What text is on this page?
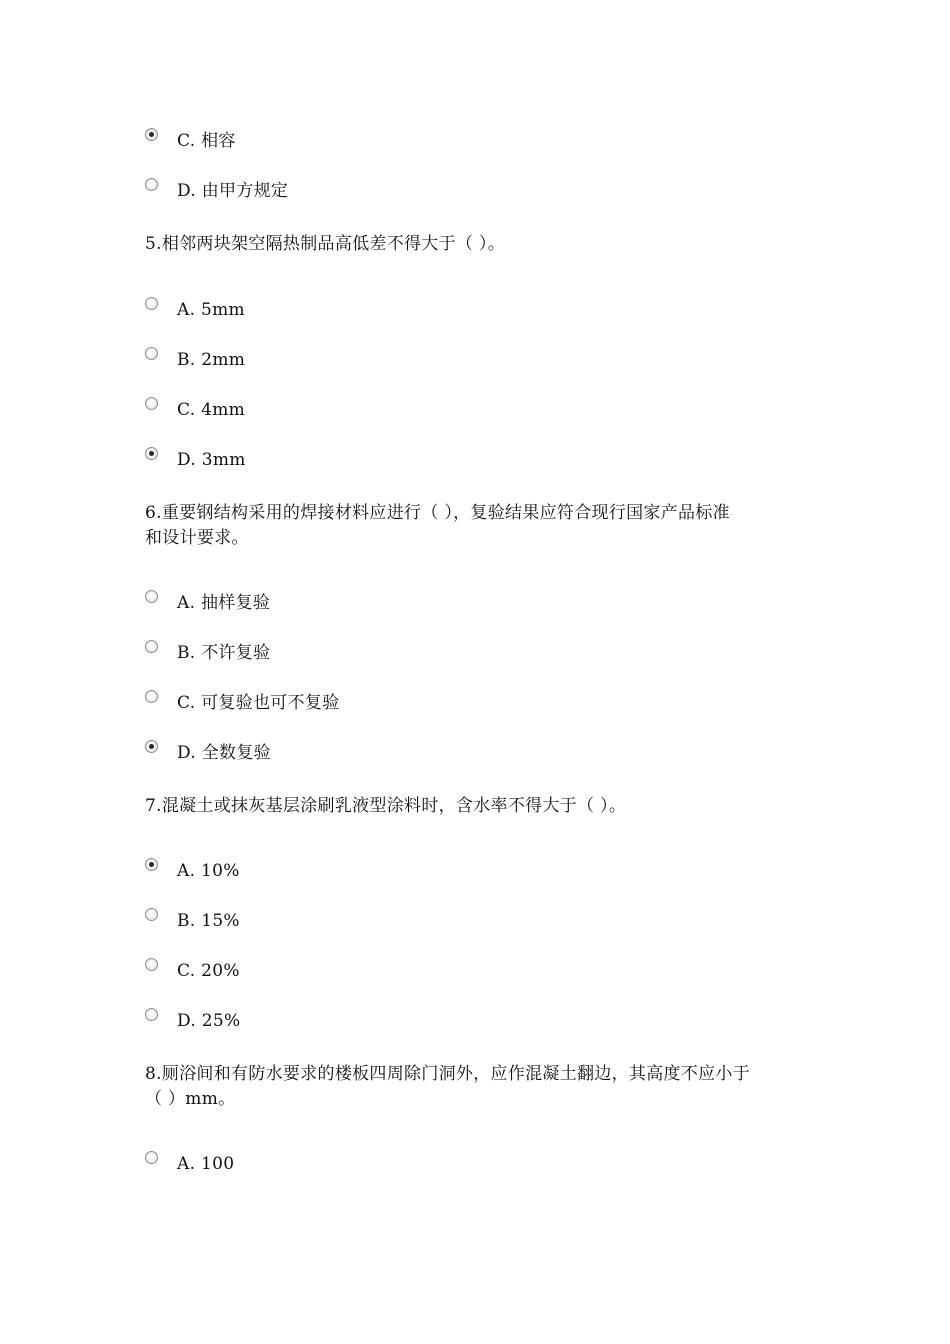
C. 相容
D. 由甲方规定
5.相邻两块架空隔热制品高低差不得大于（ ）。
A. 5mm
B. 2mm
C. 4mm
D. 3mm
6.重要钢结构采用的焊接材料应进行（ ），复验结果应符合现行国家产品标准
和设计要求。
A. 抽样复验
B. 不许复验
C. 可复验也可不复验
D. 全数复验
7.混凝土或抹灰基层涂刷乳液型涂料时，含水率不得大于（ ）。
A. 10%
B. 15%
C. 20%
D. 25%
8.厕浴间和有防水要求的楼板四周除门洞外，应作混凝土翻边，其高度不应小于
（ ）mm。
A. 100
